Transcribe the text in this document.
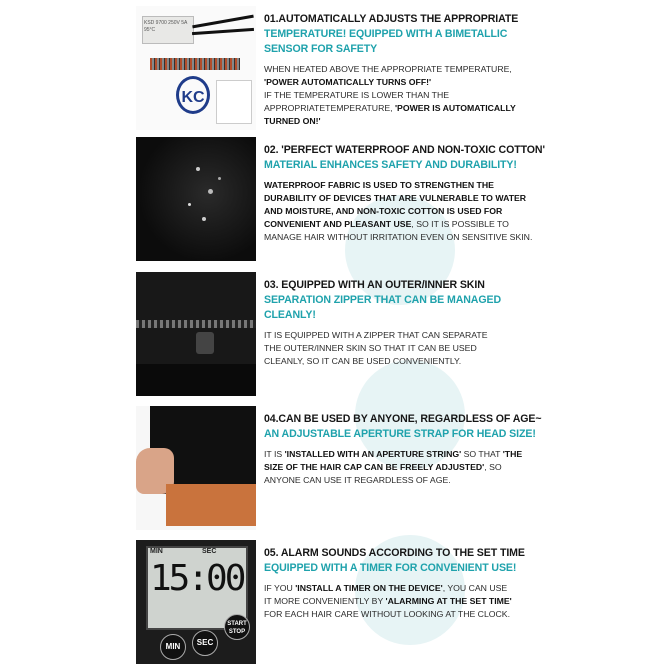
KSD 9700 250V 5A 95°C
KC

01.AUTOMATICALLY ADJUSTS THE APPROPRIATE

TEMPERATURE! EQUIPPED WITH A BIMETALLIC SENSOR FOR SAFETY

WHEN HEATED ABOVE THE APPROPRIATE TEMPERATURE,
'POWER AUTOMATICALLY TURNS OFF!'
IF THE TEMPERATURE IS LOWER THAN THE APPROPRIATETEMPERATURE, 'POWER IS AUTOMATICALLY TURNED ON!'

02. 'PERFECT WATERPROOF AND NON-TOXIC COTTON'

MATERIAL ENHANCES SAFETY AND DURABILITY!

WATERPROOF FABRIC IS USED TO STRENGTHEN THE DURABILITY OF DEVICES THAT ARE VULNERABLE TO WATER AND MOISTURE, AND NON-TOXIC COTTON IS USED FOR CONVENIENT AND PLEASANT USE, SO IT IS POSSIBLE TO MANAGE HAIR WITHOUT IRRITATION EVEN ON SENSITIVE SKIN.

03. EQUIPPED WITH AN OUTER/INNER SKIN

SEPARATION ZIPPER THAT CAN BE MANAGED CLEANLY!

IT IS EQUIPPED WITH A ZIPPER THAT CAN SEPARATE THE OUTER/INNER SKIN SO THAT IT CAN BE USED CLEANLY, SO IT CAN BE USED CONVENIENTLY.

04.CAN BE USED BY ANYONE, REGARDLESS OF AGE~

AN ADJUSTABLE APERTURE STRAP FOR HEAD SIZE!

IT IS 'INSTALLED WITH AN APERTURE STRING' SO THAT 'THE SIZE OF THE HAIR CAP CAN BE FREELY ADJUSTED', SO ANYONE CAN USE IT REGARDLESS OF AGE.

MIN	SEC
15:00
MIN	SEC
START STOP

05. ALARM SOUNDS ACCORDING TO THE SET TIME

EQUIPPED WITH A TIMER FOR CONVENIENT USE!

IF YOU 'INSTALL A TIMER ON THE DEVICE', YOU CAN USE IT MORE CONVENIENTLY BY 'ALARMING AT THE SET TIME' FOR EACH HAIR CARE WITHOUT LOOKING AT THE CLOCK.
